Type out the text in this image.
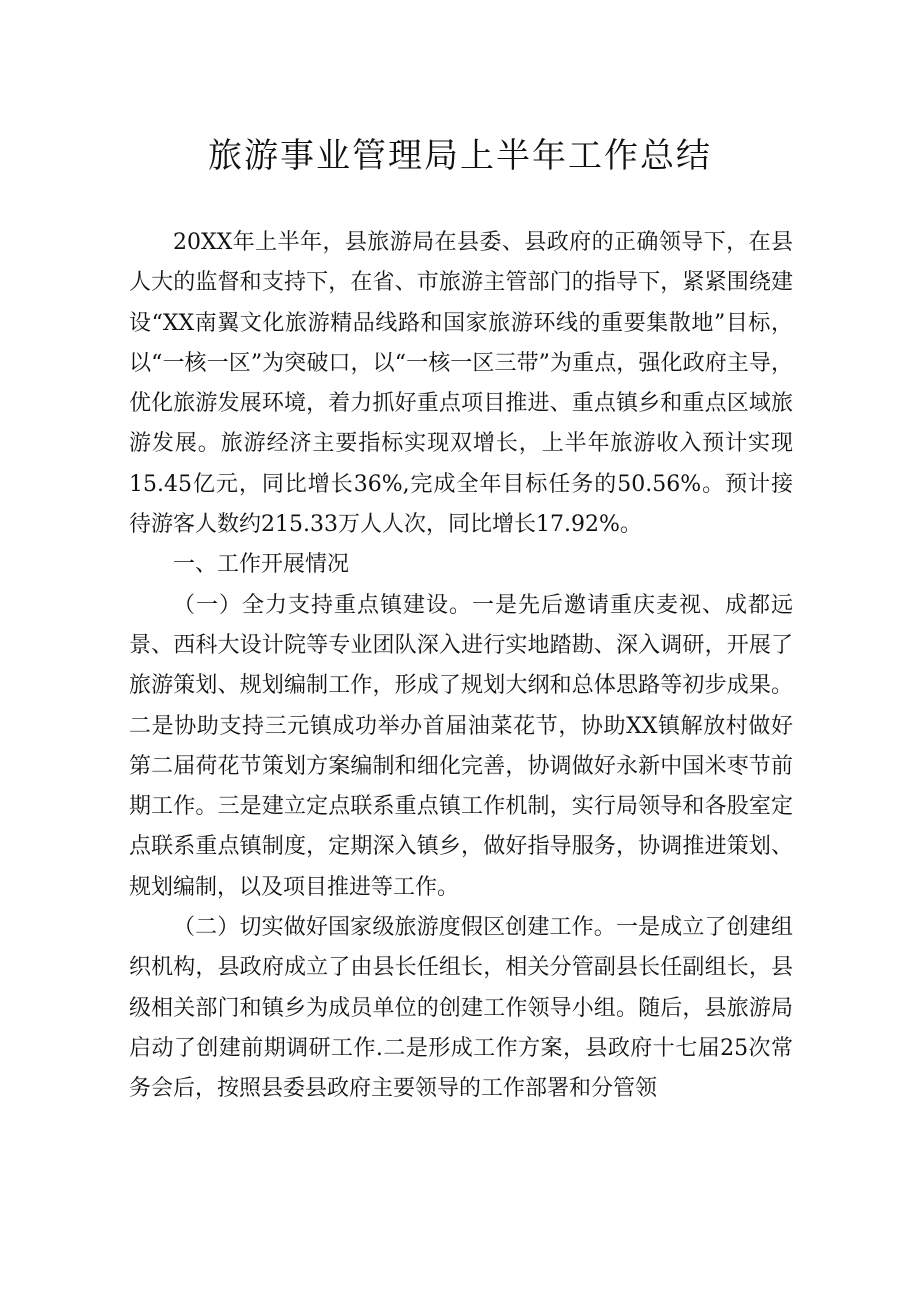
旅游事业管理局上半年工作总结

20XX年上半年，县旅游局在县委、县政府的正确领导下，在县人大的监督和支持下，在省、市旅游主管部门的指导下，紧紧围绕建设“XX南翼文化旅游精品线路和国家旅游环线的重要集散地”目标，以“一核一区”为突破口，以“一核一区三带”为重点，强化政府主导，优化旅游发展环境，着力抓好重点项目推进、重点镇乡和重点区域旅游发展。旅游经济主要指标实现双增长，上半年旅游收入预计实现15.45亿元，同比增长36%,完成全年目标任务的50.56%。预计接待游客人数约215.33万人人次，同比增长17.92%。

一、工作开展情况

（一）全力支持重点镇建设。一是先后邀请重庆麦视、成都远景、西科大设计院等专业团队深入进行实地踏勘、深入调研，开展了旅游策划、规划编制工作，形成了规划大纲和总体思路等初步成果。二是协助支持三元镇成功举办首届油菜花节，协助XX镇解放村做好第二届荷花节策划方案编制和细化完善，协调做好永新中国米枣节前期工作。三是建立定点联系重点镇工作机制，实行局领导和各股室定点联系重点镇制度，定期深入镇乡，做好指导服务，协调推进策划、规划编制，以及项目推进等工作。

（二）切实做好国家级旅游度假区创建工作。一是成立了创建组织机构，县政府成立了由县长任组长，相关分管副县长任副组长，县级相关部门和镇乡为成员单位的创建工作领导小组。随后，县旅游局启动了创建前期调研工作.二是形成工作方案，县政府十七届25次常务会后，按照县委县政府主要领导的工作部署和分管领
